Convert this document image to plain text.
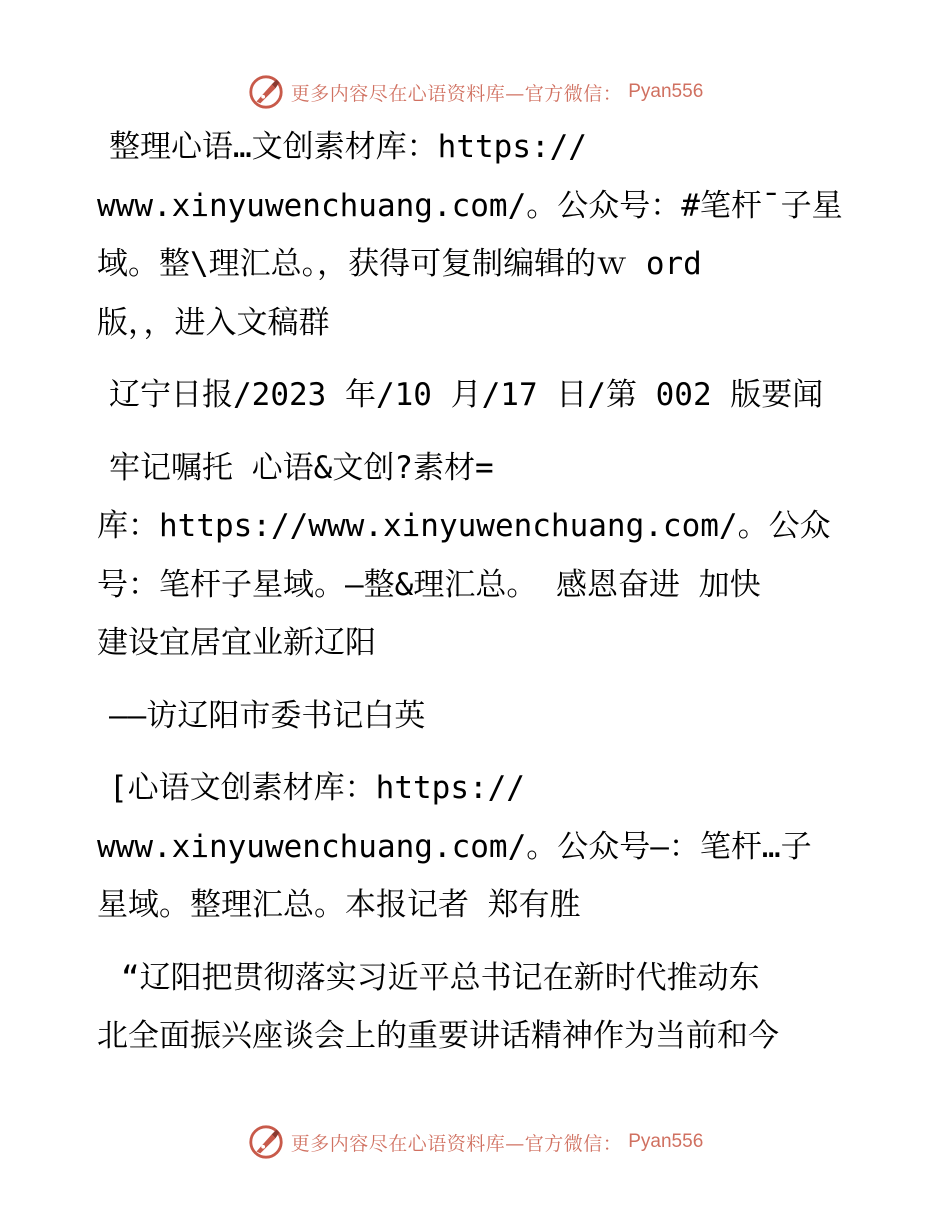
更多内容尽在心语资料库—官方微信： Pyan556
整理心语…文创素材库：https://
www.xinyuwenchuang.com/。公众号：#笔杆¯子星
域。整\理汇总。，获得可复制编辑的ｗ ord
版，，进入文稿群
辽宁日报/2023 年/10 月/17 日/第 002 版要闻
牢记嘱托 心语&文创?素材=
库：https://www.xinyuwenchuang.com/。公众
号：笔杆子星域。—整&理汇总。 感恩奋进 加快
建设宜居宜业新辽阳
——访辽阳市委书记白英
[心语文创素材库：https://
www.xinyuwenchuang.com/。公众号—：笔杆…子
星域。整理汇总。本报记者 郑有胜
“辽阳把贯彻落实习近平总书记在新时代推动东
北全面振兴座谈会上的重要讲话精神作为当前和今
更多内容尽在心语资料库—官方微信： Pyan556
